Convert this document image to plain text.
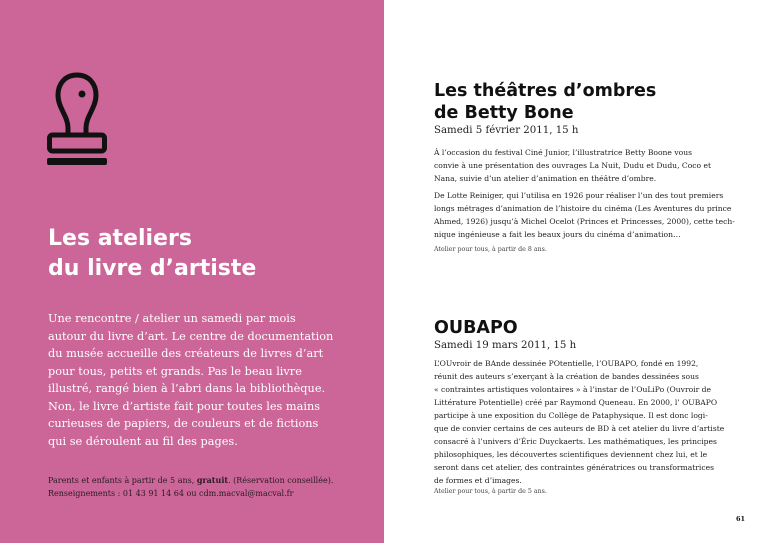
Les ateliers
du livre d’artiste
Une rencontre / atelier un samedi par mois
autour du livre d’art. Le centre de documentation
du musée accueille des créateurs de livres d’art
pour tous, petits et grands. Pas le beau livre
illustré, rangé bien à l’abri dans la bibliothèque.
Non, le livre d’artiste fait pour toutes les mains
curieuses de papiers, de couleurs et de fictions
qui se déroulent au fil des pages.
Parents et enfants à partir de 5 ans, gratuit. (Réservation conseillée).
Renseignements : 01 43 91 14 64 ou cdm.macval@macval.fr
Les théâtres d’ombres
de Betty Bone
Samedi 5 février 2011, 15 h

À l’occasion du festival Ciné Junior, l’illustratrice Betty Boone vous
convie à une présentation des ouvrages La Nuit, Dudu et Dudu, Coco et
Nana, suivie d’un atelier d’animation en théâtre d’ombre.

De Lotte Reiniger, qui l’utilisa en 1926 pour réaliser l’un des tout premiers
longs métrages d’animation de l’histoire du cinéma (Les Aventures du prince
Ahmed, 1926) jusqu’à Michel Ocelot (Princes et Princesses, 2000), cette tech-
nique ingénieuse a fait les beaux jours du cinéma d’animation…

Atelier pour tous, à partir de 8 ans.
OUBAPO
Samedi 19 mars 2011, 15 h

L’OUvroir de BAnde dessinée POtentielle, l’OUBAPO, fondé en 1992,
réunit des auteurs s’exerçant à la création de bandes dessinées sous
« contraintes artistiques volontaires » à l’instar de l’OuLiPo (Ouvroir de
Littérature Potentielle) créé par Raymond Queneau. En 2000, l’ OUBAPO
participe à une exposition du Collège de Pataphysique. Il est donc logi-
que de convier certains de ces auteurs de BD à cet atelier du livre d’artiste
consacré à l’univers d’Éric Duyckaerts. Les mathématiques, les principes
philosophiques, les découvertes scientifiques deviennent chez lui, et le
seront dans cet atelier, des contraintes génératrices ou transformatrices
de formes et d’images.

Atelier pour tous, à partir de 5 ans.
61
